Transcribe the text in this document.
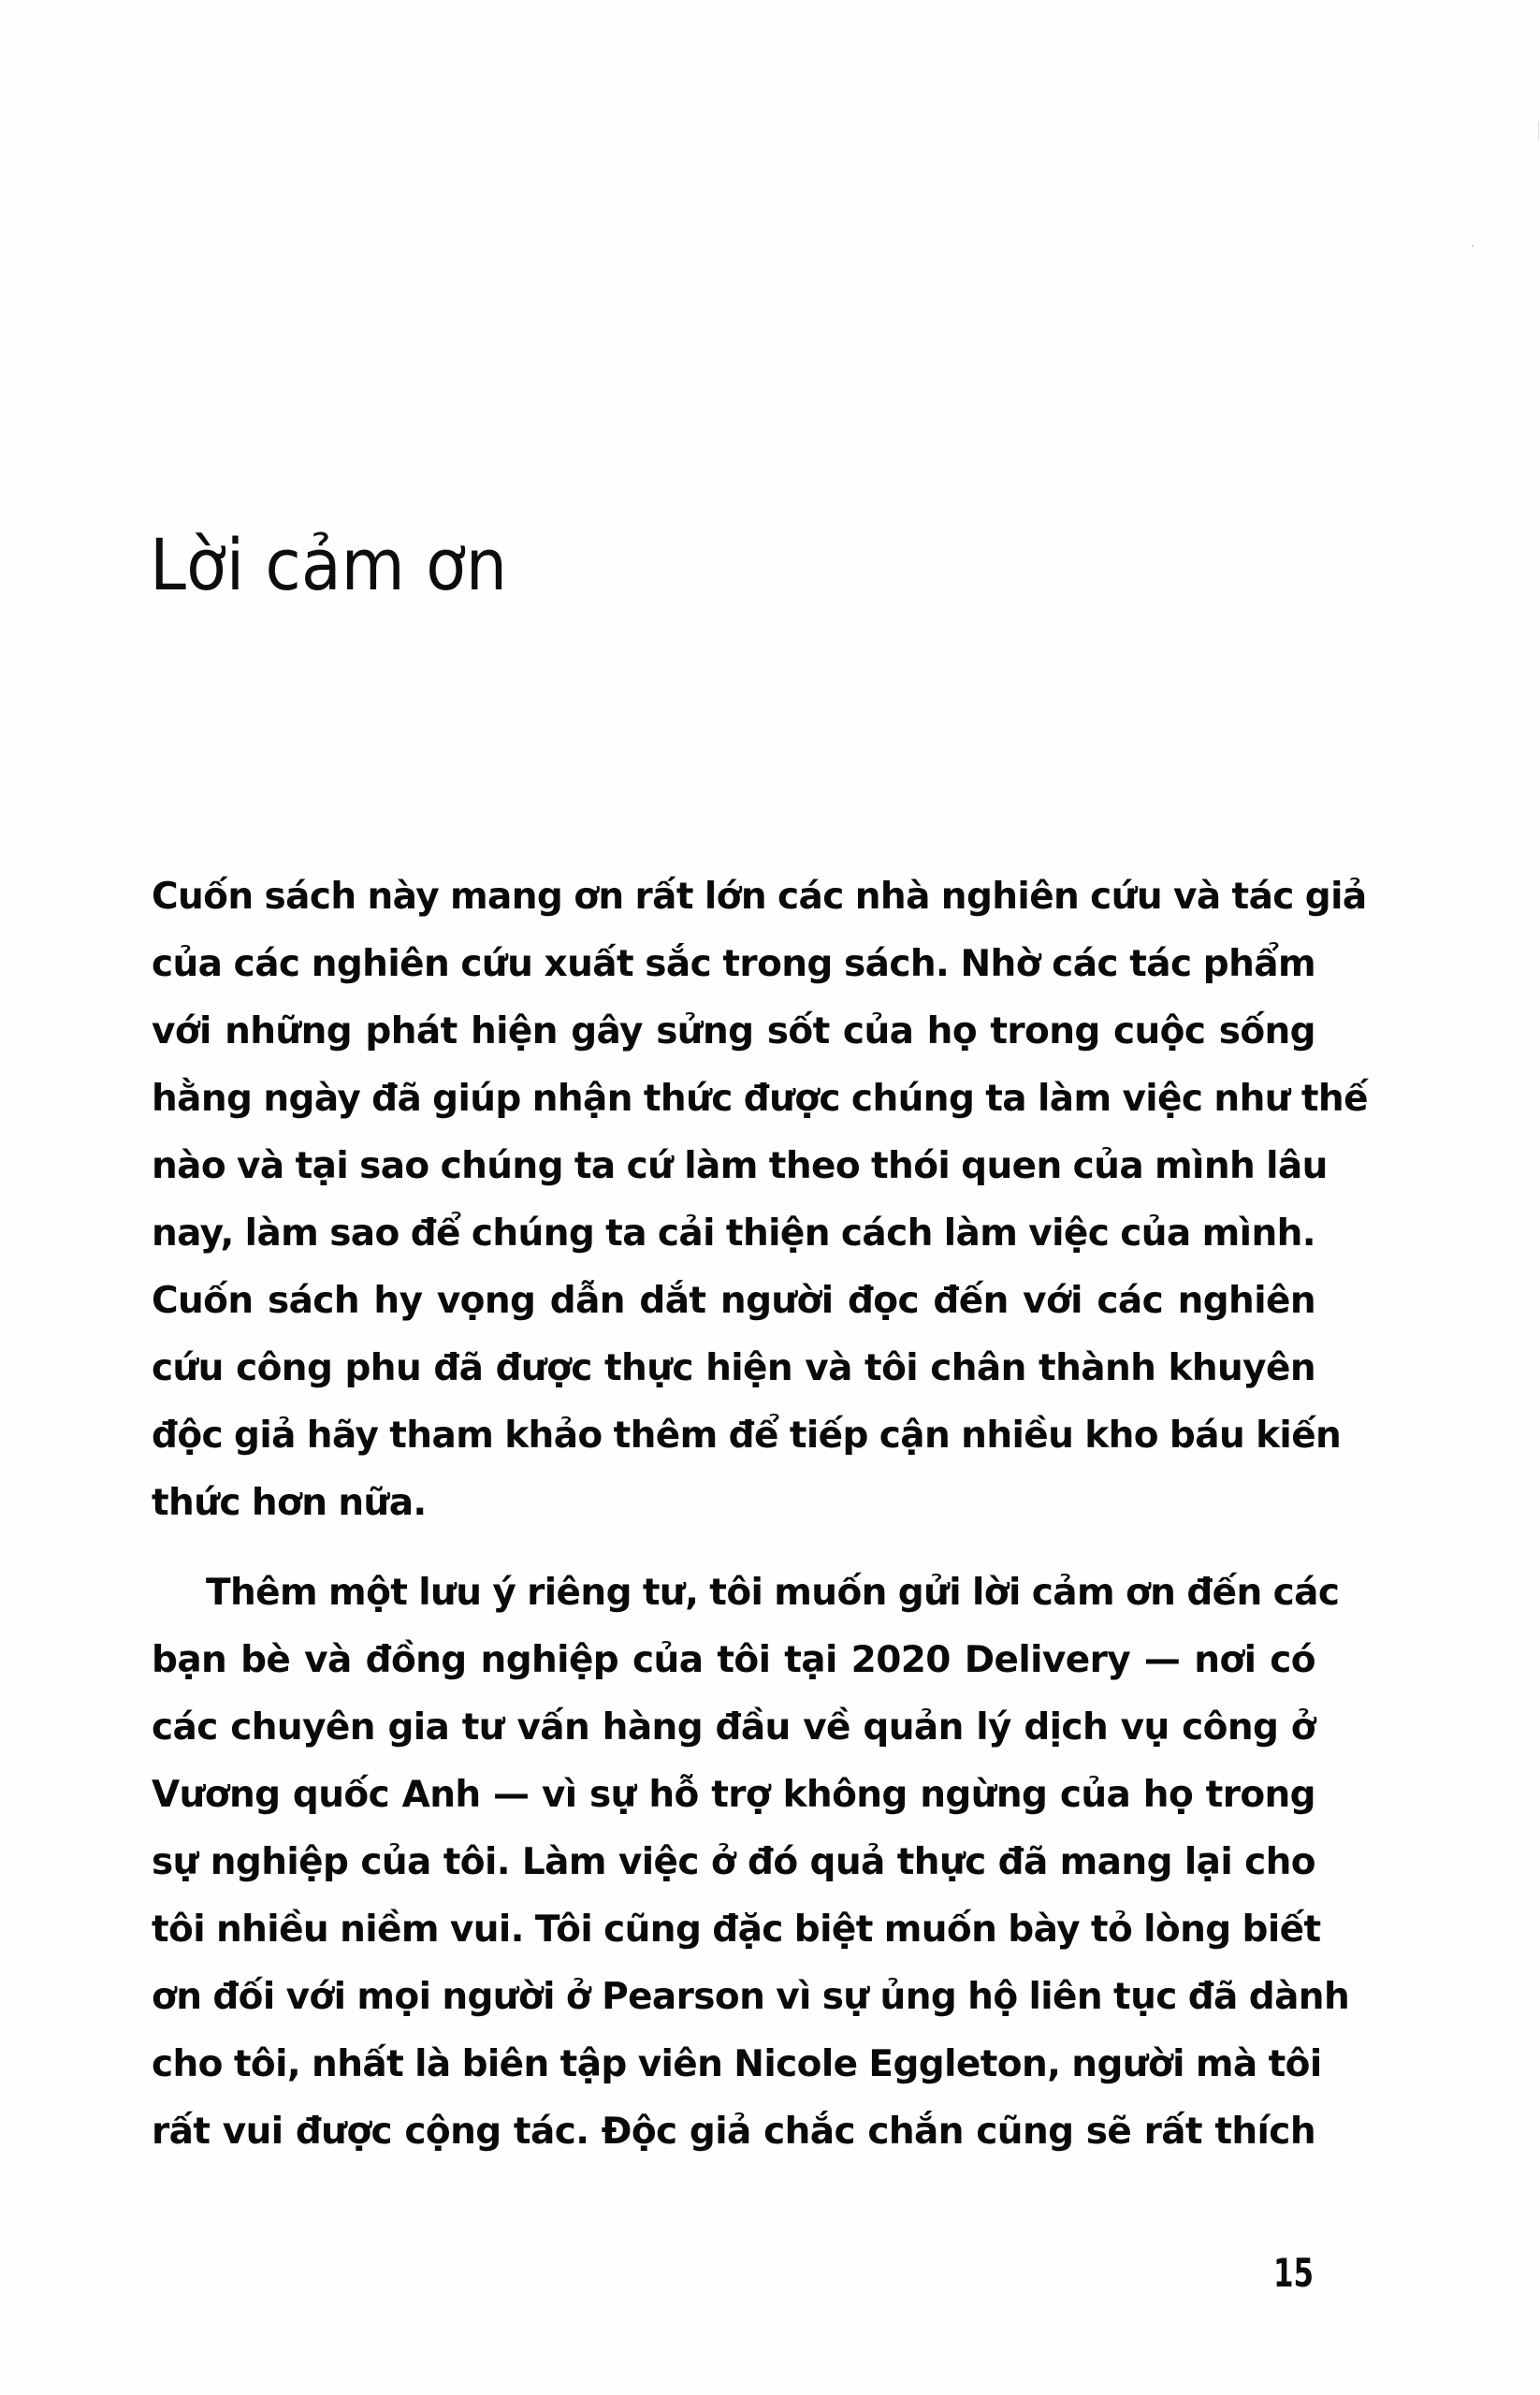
Lời cảm ơn

Cuốn sách này mang ơn rất lớn các nhà nghiên cứu và tác giả
của các nghiên cứu xuất sắc trong sách. Nhờ các tác phẩm
với những phát hiện gây sửng sốt của họ trong cuộc sống
hằng ngày đã giúp nhận thức được chúng ta làm việc như thế
nào và tại sao chúng ta cứ làm theo thói quen của mình lâu
nay, làm sao để chúng ta cải thiện cách làm việc của mình.
Cuốn sách hy vọng dẫn dắt người đọc đến với các nghiên
cứu công phu đã được thực hiện và tôi chân thành khuyên
độc giả hãy tham khảo thêm để tiếp cận nhiều kho báu kiến
thức hơn nữa.

Thêm một lưu ý riêng tư, tôi muốn gửi lời cảm ơn đến các
bạn bè và đồng nghiệp của tôi tại 2020 Delivery — nơi có
các chuyên gia tư vấn hàng đầu về quản lý dịch vụ công ở
Vương quốc Anh — vì sự hỗ trợ không ngừng của họ trong
sự nghiệp của tôi. Làm việc ở đó quả thực đã mang lại cho
tôi nhiều niềm vui. Tôi cũng đặc biệt muốn bày tỏ lòng biết
ơn đối với mọi người ở Pearson vì sự ủng hộ liên tục đã dành
cho tôi, nhất là biên tập viên Nicole Eggleton, người mà tôi
rất vui được cộng tác. Độc giả chắc chắn cũng sẽ rất thích

15
